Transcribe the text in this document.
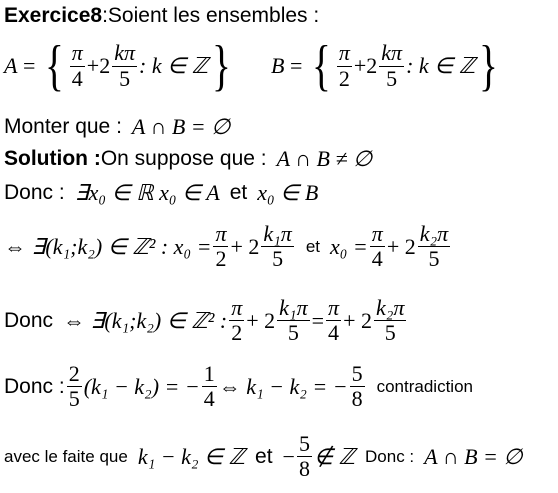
Exercice8 :Soient les ensembles :
A = { $\frac{\pi}{4} + 2 \frac{k\pi}{5}$ : k ∈ ℤ } B = { $\frac{\pi}{2} + 2 \frac{k\pi}{5}$ : k ∈ ℤ }
Monter que : A ∩ B = ∅
Solution : On suppose que : A ∩ B ≠ ∅
Donc : ∃x₀ ∈ ℝ x₀ ∈ A et x₀ ∈ B
⇔ ∃(k₁;k₂) ∈ ℤ² : $x_0 = \frac{\pi}{2} + 2 \frac{\text{k₁π}}{5}$ et $x_0 = \frac{\pi}{4} + 2 \frac{\text{k₂π}}{5}$
Donc ⇔ ∃(k₁;k₂) ∈ ℤ² : $\frac{\pi}{2} + 2 \frac{\text{k₁π}}{5} = \frac{\pi}{4} + 2 \frac{\text{k₂π}}{5}$
Donc : $\frac{2}{5} (k_1 - k_2)$ = − $\frac{1}{4}$ ⇔ k₁ − k₂ = − $\frac{5}{8}$ contradiction
avec le faite que k₁ − k₂ ∈ ℤ et − $\frac{5}{8}$ ∉ ℤ Donc : A ∩ B = ∅
